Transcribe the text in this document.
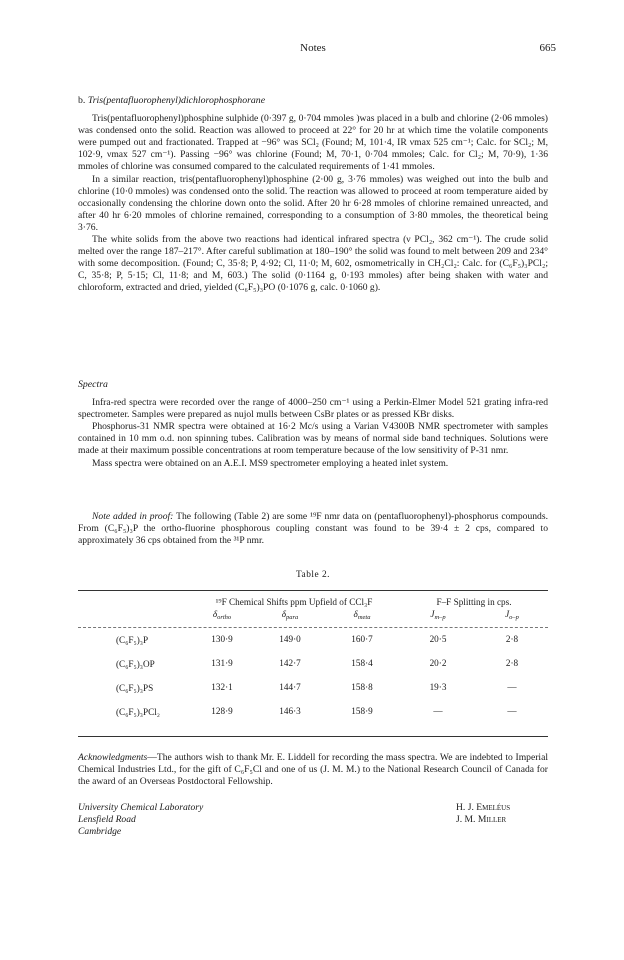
Notes	665

b. Tris(pentafluorophenyl)dichlorophosphorane

Tris(pentafluorophenyl)phosphine sulphide (0·397 g, 0·704 mmoles )was placed in a bulb and chlorine (2·06 mmoles) was condensed onto the solid. Reaction was allowed to proceed at 22° for 20 hr at which time the volatile components were pumped out and fractionated. Trapped at −96° was SCl₂ (Found; M, 101·4, IR νmax 525 cm⁻¹; Calc. for SCl₂; M, 102·9, νmax 527 cm⁻¹). Passing −96° was chlorine (Found; M, 70·1, 0·704 mmoles; Calc. for Cl₂; M, 70·9), 1·36 mmoles of chlorine was consumed compared to the calculated requirements of 1·41 mmoles.

In a similar reaction, tris(pentafluorophenyl)phosphine (2·00 g, 3·76 mmoles) was weighed out into the bulb and chlorine (10·0 mmoles) was condensed onto the solid. The reaction was allowed to proceed at room temperature aided by occasionally condensing the chlorine down onto the solid. After 20 hr 6·28 mmoles of chlorine remained unreacted, and after 40 hr 6·20 mmoles of chlorine remained, corresponding to a consumption of 3·80 mmoles, the theoretical being 3·76.

The white solids from the above two reactions had identical infrared spectra (ν PCl₂, 362 cm⁻¹). The crude solid melted over the range 187–217°. After careful sublimation at 180–190° the solid was found to melt between 209 and 234° with some decomposition. (Found; C, 35·8; P, 4·92; Cl, 11·0; M, 602, osmometrically in CH₂Cl₂: Calc. for (C₆F₅)₃PCl₂; C, 35·8; P, 5·15; Cl, 11·8; and M, 603.) The solid (0·1164 g, 0·193 mmoles) after being shaken with water and chloroform, extracted and dried, yielded (C₆F₅)₃PO (0·1076 g, calc. 0·1060 g).

Spectra

Infra-red spectra were recorded over the range of 4000–250 cm⁻¹ using a Perkin-Elmer Model 521 grating infra-red spectrometer. Samples were prepared as nujol mulls between CsBr plates or as pressed KBr disks.

Phosphorus-31 NMR spectra were obtained at 16·2 Mc/s using a Varian V4300B NMR spectrometer with samples contained in 10 mm o.d. non spinning tubes. Calibration was by means of normal side band techniques. Solutions were made at their maximum possible concentrations at room temperature because of the low sensitivity of P-31 nmr.

Mass spectra were obtained on an A.E.I. MS9 spectrometer employing a heated inlet system.

Note added in proof: The following (Table 2) are some ¹⁹F nmr data on (pentafluorophenyl)-phosphorus compounds. From (C₆F₅)₃P the ortho-fluorine phosphorous coupling constant was found to be 39·4 ± 2 cps, compared to approximately 36 cps obtained from the ³¹P nmr.

Table 2.
	¹⁹F Chemical Shifts ppm Upfield of CCl₃F			F–F Splitting in cps.	
	$\delta_{ortho}$	$\delta_{para}$	$\delta_{meta}$	$J_{m-p}$	$J_{o-p}$
(C₆F₅)₃P	130·9	149·0	160·7	20·5	2·8
(C₆F₅)₃OP	131·9	142·7	158·4	20·2	2·8
(C₆F₅)₃PS	132·1	144·7	158·8	19·3	—
(C₆F₅)₃PCl₂	128·9	146·3	158·9	—	—

Acknowledgments—The authors wish to thank Mr. E. Liddell for recording the mass spectra. We are indebted to Imperial Chemical Industries Ltd., for the gift of C₆F₅Cl and one of us (J. M. M.) to the National Research Council of Canada for the award of an Overseas Postdoctoral Fellowship.

University Chemical Laboratory
Lensfield Road
Cambridge
H. J. Emeléus
J. M. Miller
